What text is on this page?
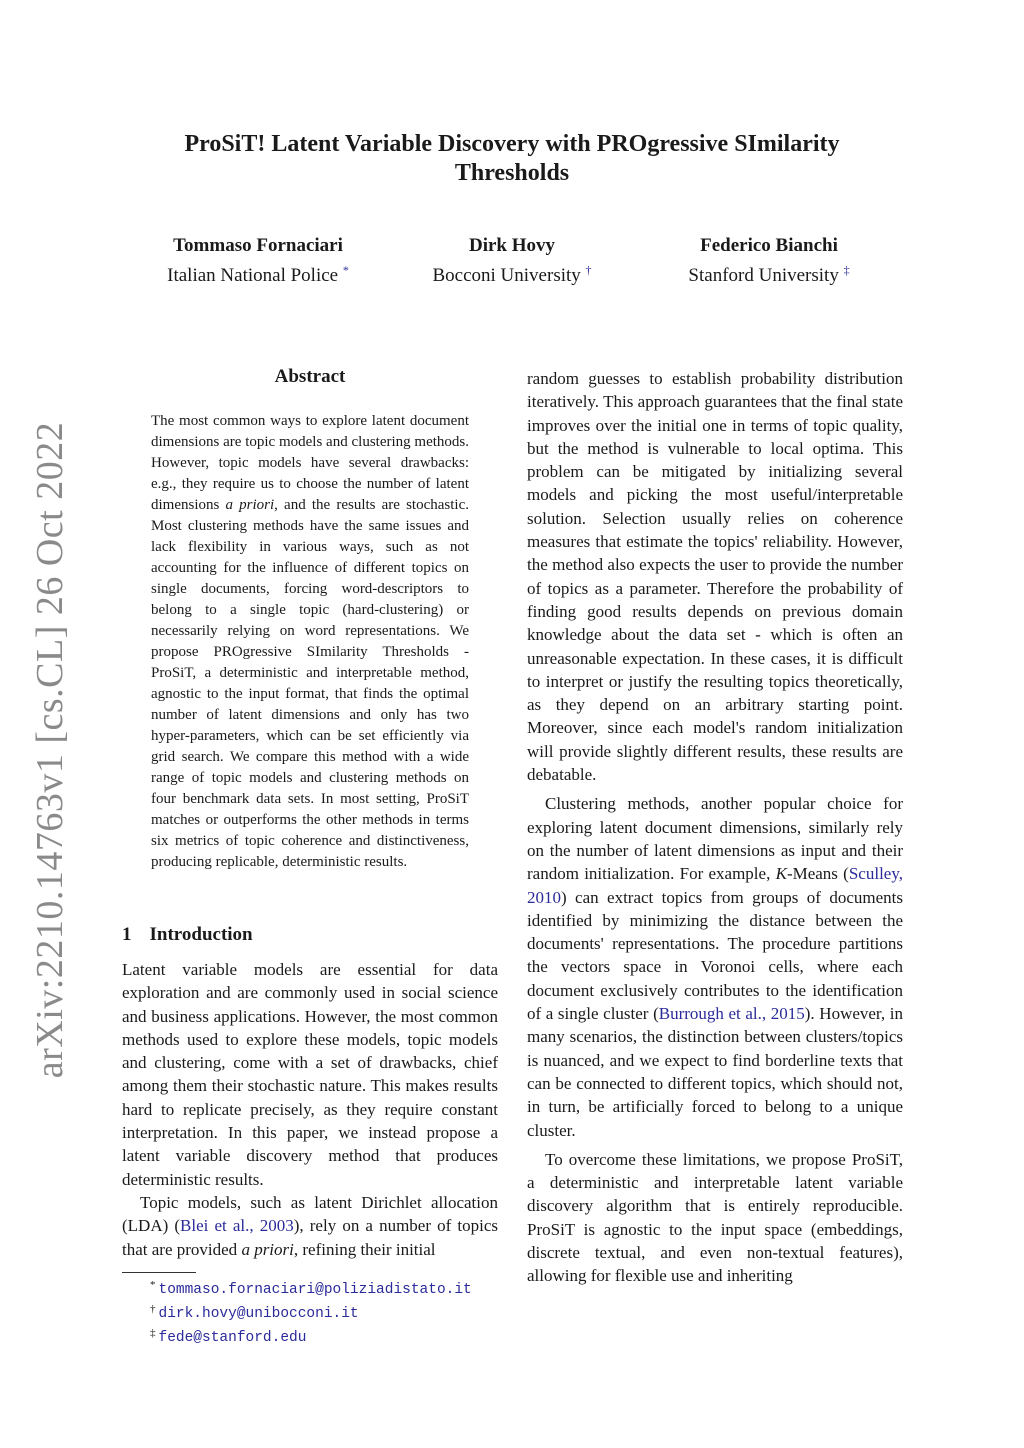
arXiv:2210.14763v1 [cs.CL] 26 Oct 2022
ProSiT! Latent Variable Discovery with PROgressive SImilarity Thresholds
Tommaso Fornaciari
Italian National Police *
Dirk Hovy
Bocconi University †
Federico Bianchi
Stanford University ‡
Abstract
The most common ways to explore latent document dimensions are topic models and clustering methods. However, topic models have several drawbacks: e.g., they require us to choose the number of latent dimensions a priori, and the results are stochastic. Most clustering methods have the same issues and lack flexibility in various ways, such as not accounting for the influence of different topics on single documents, forcing word-descriptors to belong to a single topic (hard-clustering) or necessarily relying on word representations. We propose PROgressive SImilarity Thresholds - ProSiT, a deterministic and interpretable method, agnostic to the input format, that finds the optimal number of latent dimensions and only has two hyper-parameters, which can be set efficiently via grid search. We compare this method with a wide range of topic models and clustering methods on four benchmark data sets. In most setting, ProSiT matches or outperforms the other methods in terms six metrics of topic coherence and distinctiveness, producing replicable, deterministic results.
1 Introduction

Latent variable models are essential for data exploration and are commonly used in social science and business applications. However, the most common methods used to explore these models, topic models and clustering, come with a set of drawbacks, chief among them their stochastic nature. This makes results hard to replicate precisely, as they require constant interpretation. In this paper, we instead propose a latent variable discovery method that produces deterministic results.

Topic models, such as latent Dirichlet allocation (LDA) (Blei et al., 2003), rely on a number of topics that are provided a priori, refining their initial

random guesses to establish probability distribution iteratively. This approach guarantees that the final state improves over the initial one in terms of topic quality, but the method is vulnerable to local optima. This problem can be mitigated by initializing several models and picking the most useful/interpretable solution. Selection usually relies on coherence measures that estimate the topics' reliability. However, the method also expects the user to provide the number of topics as a parameter. Therefore the probability of finding good results depends on previous domain knowledge about the data set - which is often an unreasonable expectation. In these cases, it is difficult to interpret or justify the resulting topics theoretically, as they depend on an arbitrary starting point. Moreover, since each model's random initialization will provide slightly different results, these results are debatable.

Clustering methods, another popular choice for exploring latent document dimensions, similarly rely on the number of latent dimensions as input and their random initialization. For example, K-Means (Sculley, 2010) can extract topics from groups of documents identified by minimizing the distance between the documents' representations. The procedure partitions the vectors space in Voronoi cells, where each document exclusively contributes to the identification of a single cluster (Burrough et al., 2015). However, in many scenarios, the distinction between clusters/topics is nuanced, and we expect to find borderline texts that can be connected to different topics, which should not, in turn, be artificially forced to belong to a unique cluster.

To overcome these limitations, we propose ProSiT, a deterministic and interpretable latent variable discovery algorithm that is entirely reproducible. ProSiT is agnostic to the input space (embeddings, discrete textual, and even non-textual features), allowing for flexible use and inheriting

* tommaso.fornaciari@poliziadistato.it
† dirk.hovy@unibocconi.it
‡ fede@stanford.edu
